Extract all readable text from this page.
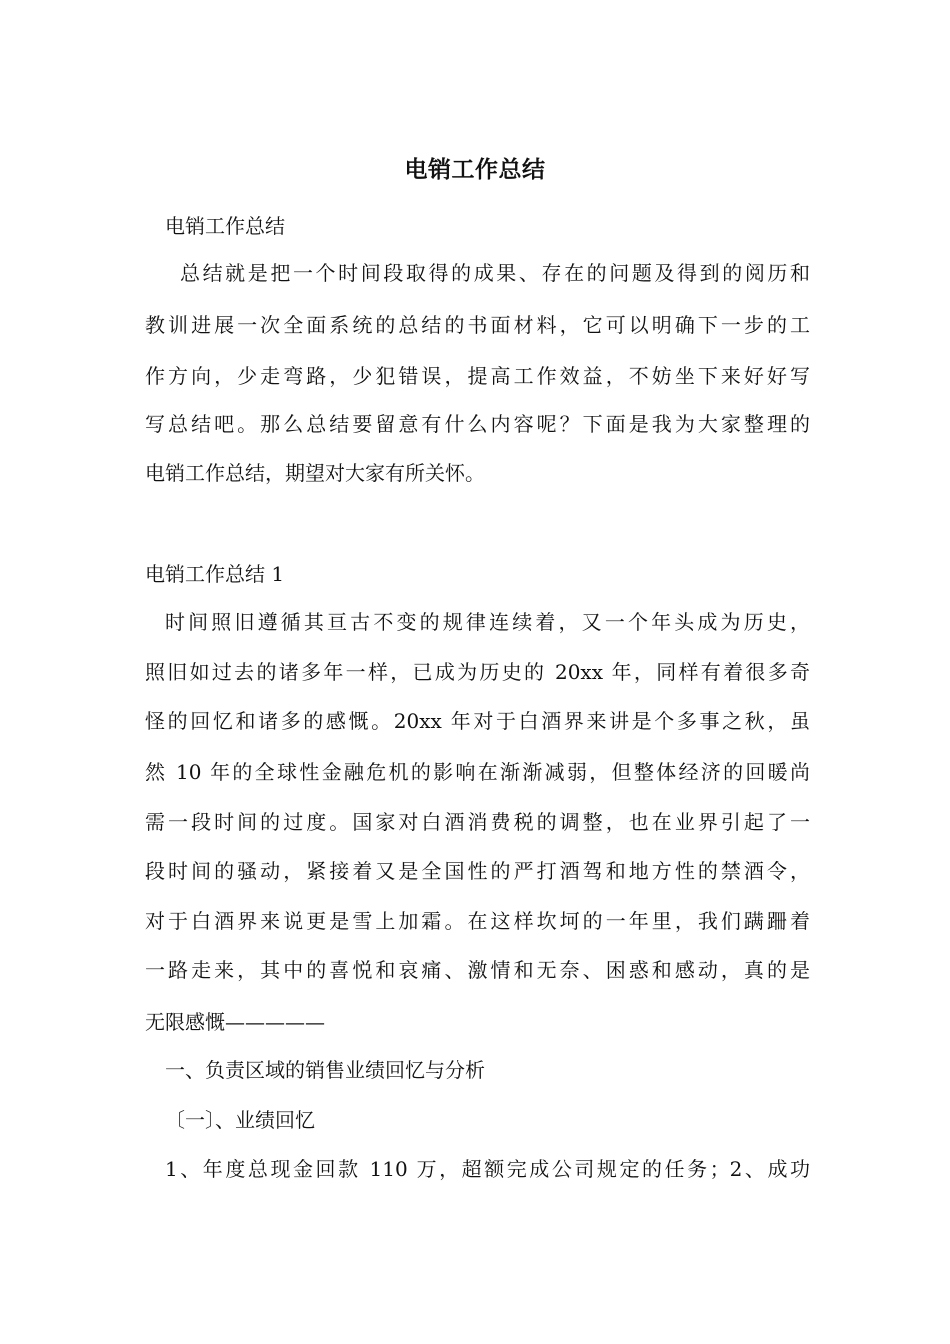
电销工作总结
电销工作总结
总结就是把一个时间段取得的成果、存在的问题及得到的阅历和
教训进展一次全面系统的总结的书面材料，它可以明确下一步的工
作方向，少走弯路，少犯错误，提高工作效益，不妨坐下来好好写
写总结吧。那么总结要留意有什么内容呢？下面是我为大家整理的
电销工作总结，期望对大家有所关怀。
电销工作总结 1
时间照旧遵循其亘古不变的规律连续着，又一个年头成为历史，
照旧如过去的诸多年一样，已成为历史的 20xx 年，同样有着很多奇
怪的回忆和诸多的感慨。20xx 年对于白酒界来讲是个多事之秋，虽
然 10 年的全球性金融危机的影响在渐渐减弱，但整体经济的回暖尚
需一段时间的过度。国家对白酒消费税的调整，也在业界引起了一
段时间的骚动，紧接着又是全国性的严打酒驾和地方性的禁酒令，
对于白酒界来说更是雪上加霜。在这样坎坷的一年里，我们蹒跚着
一路走来，其中的喜悦和哀痛、激情和无奈、困惑和感动，真的是
无限感慨—————
一、负责区域的销售业绩回忆与分析
〔一〕、业绩回忆
1、年度总现金回款 110 万，超额完成公司规定的任务；2、成功
